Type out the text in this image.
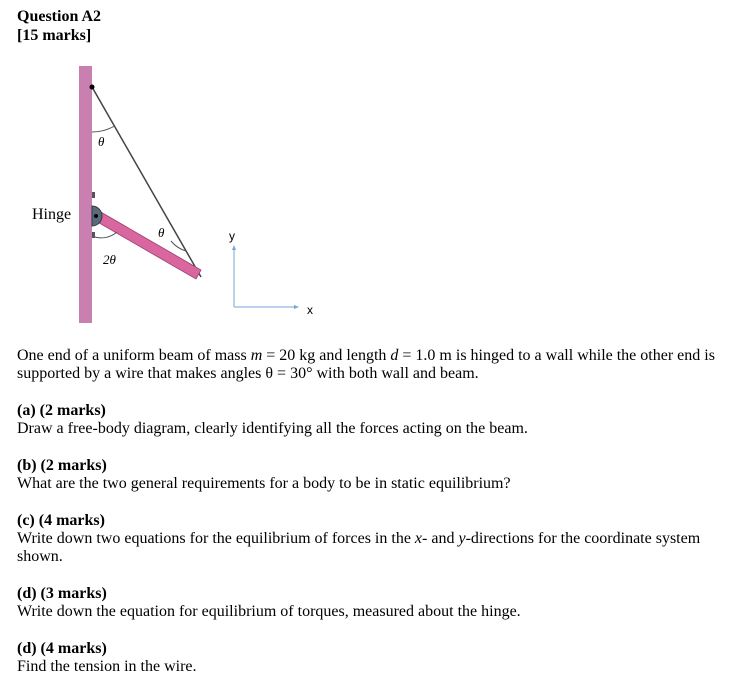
Question A2
[15 marks]
Hinge
θ
θ
2θ
y
x
One end of a uniform beam of mass m = 20 kg and length d = 1.0 m is hinged to a wall while the other end is supported by a wire that makes angles θ = 30° with both wall and beam.
(a) (2 marks)
Draw a free-body diagram, clearly identifying all the forces acting on the beam.
(b) (2 marks)
What are the two general requirements for a body to be in static equilibrium?
(c) (4 marks)
Write down two equations for the equilibrium of forces in the x- and y-directions for the coordinate system shown.
(d) (3 marks)
Write down the equation for equilibrium of torques, measured about the hinge.
(d) (4 marks)
Find the tension in the wire.
